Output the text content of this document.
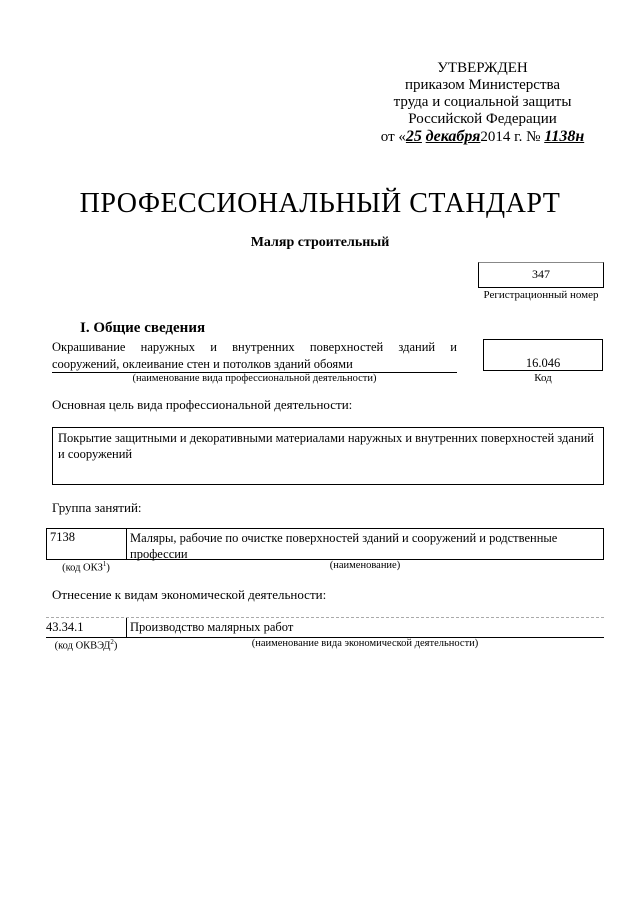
УТВЕРЖДЕН
приказом Министерства
труда и социальной защиты
Российской Федерации
от «25 декабря2014 г. № 1138н
ПРОФЕССИОНАЛЬНЫЙ СТАНДАРТ
Маляр строительный
347
Регистрационный номер
I. Общие сведения
Окрашивание наружных и внутренних поверхностей зданий и
сооружений, оклеивание стен и потолков зданий обоями
(наименование вида профессиональной деятельности)
16.046
Код
Основная цель вида профессиональной деятельности:
Покрытие защитными и декоративными материалами наружных и внутренних поверхностей зданий и сооружений
Группа занятий:
7138	Маляры, рабочие по очистке поверхностей зданий и сооружений и родственные профессии
(код ОКЗ$^1$)	(наименование)
Отнесение к видам экономической деятельности:
43.34.1	Производство малярных работ
(код ОКВЭД$^2$)	(наименование вида экономической деятельности)
